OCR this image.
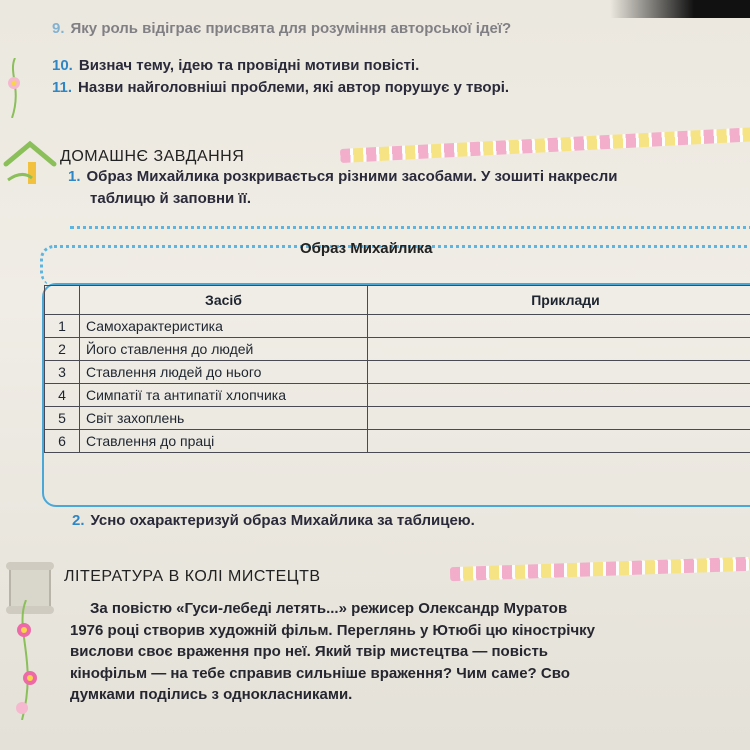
9. Яку роль відіграє присвята для розуміння авторської ідеї?
10. Визнач тему, ідею та провідні мотиви повісті.
11. Назви найголовніші проблеми, які автор порушує у творі.
ДОМАШНЄ ЗАВДАННЯ
1. Образ Михайлика розкривається різними засобами. У зошиті накресли
таблицю й заповни її.
Образ Михайлика
	Засіб	Приклади
1	Самохарактеристика	
2	Його ставлення до людей	
3	Ставлення людей до нього	
4	Симпатії та антипатії хлопчика	
5	Світ захоплень	
6	Ставлення до праці	
2. Усно охарактеризуй образ Михайлика за таблицею.
ЛІТЕРАТУРА В КОЛІ МИСТЕЦТВ
За повістю «Гуси-лебеді летять...» режисер Олександр Муратов
1976 році створив художній фільм. Переглянь у Ютюбі цю кінострічку
вислови своє враження про неї. Який твір мистецтва — повість
кінофільм — на тебе справив сильніше враження? Чим саме? Сво
думками поділись з однокласниками.
